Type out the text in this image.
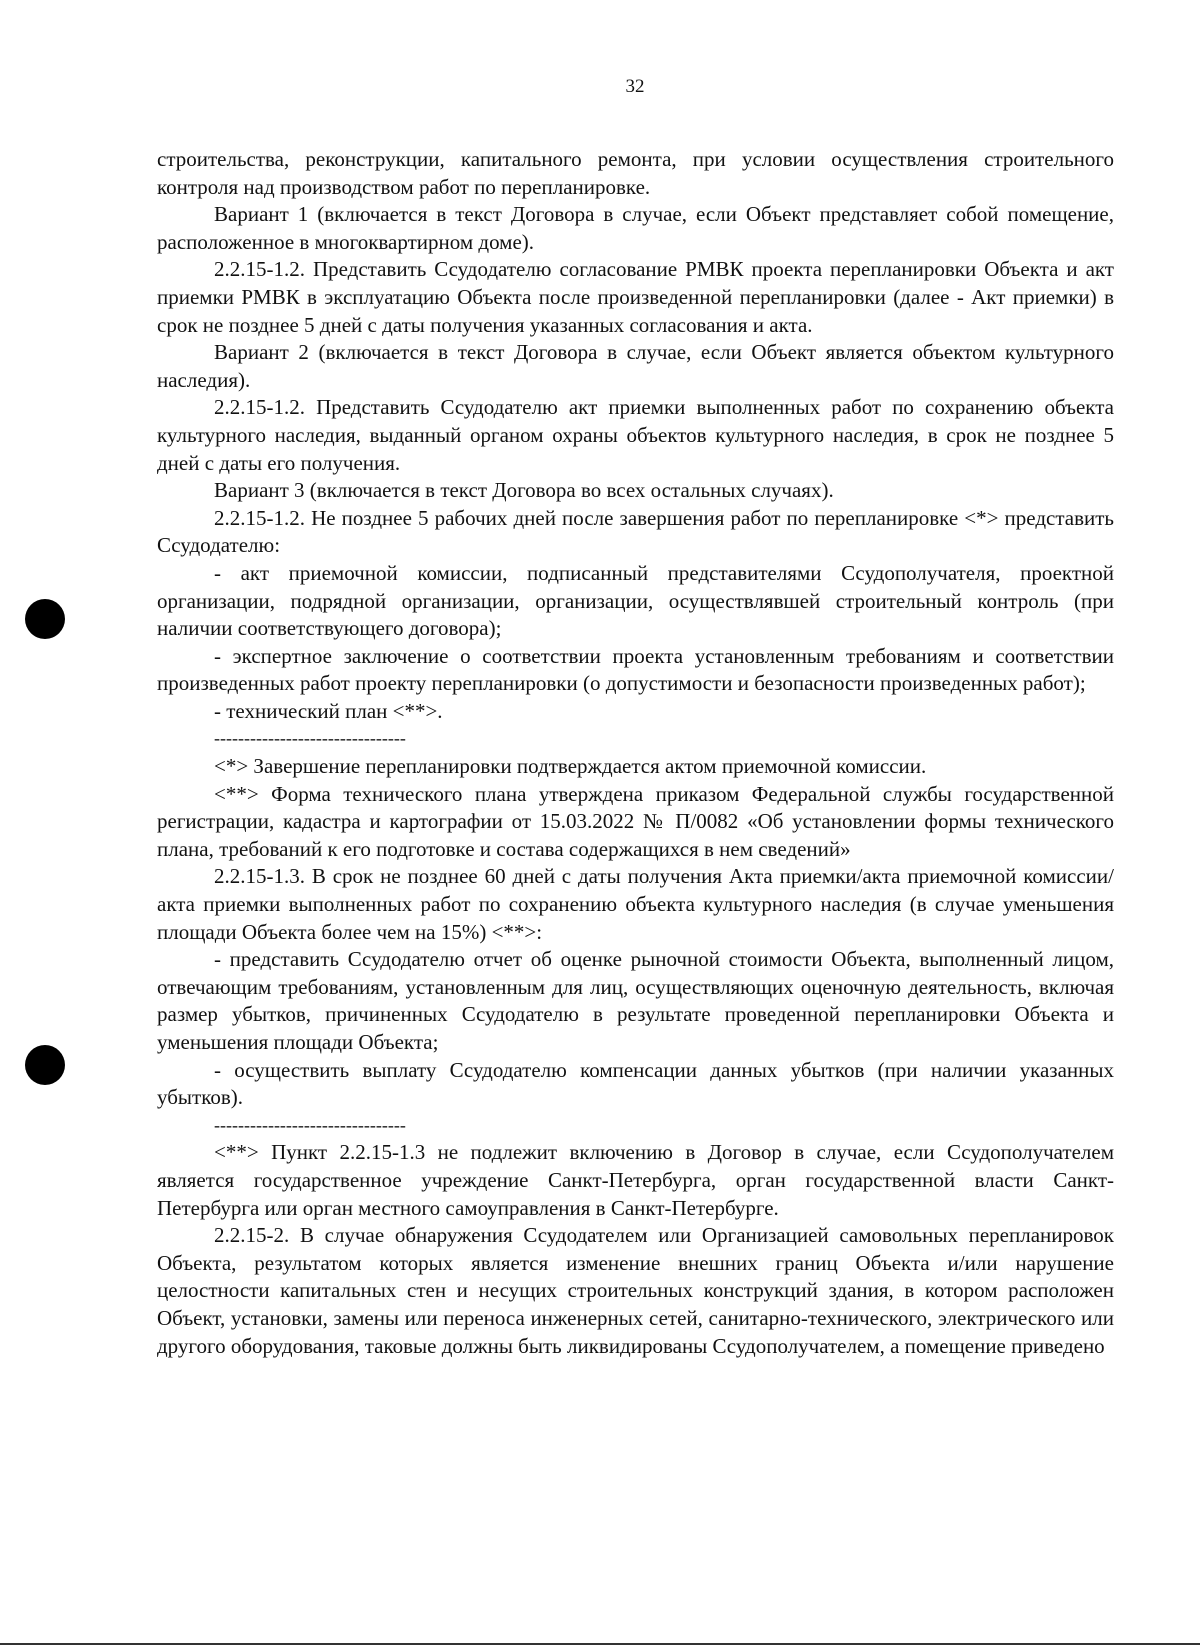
32

строительства, реконструкции, капитального ремонта, при условии осуществления строительного контроля над производством работ по перепланировке.

Вариант 1 (включается в текст Договора в случае, если Объект представляет собой помещение, расположенное в многоквартирном доме).

2.2.15-1.2. Представить Ссудодателю согласование РМВК проекта перепланировки Объекта и акт приемки РМВК в эксплуатацию Объекта после произведенной перепланировки (далее - Акт приемки) в срок не позднее 5 дней с даты получения указанных согласования и акта.

Вариант 2 (включается в текст Договора в случае, если Объект является объектом культурного наследия).

2.2.15-1.2. Представить Ссудодателю акт приемки выполненных работ по сохранению объекта культурного наследия, выданный органом охраны объектов культурного наследия, в срок не позднее 5 дней с даты его получения.

Вариант 3 (включается в текст Договора во всех остальных случаях).

2.2.15-1.2. Не позднее 5 рабочих дней после завершения работ по перепланировке <*> представить Ссудодателю:

- акт приемочной комиссии, подписанный представителями Ссудополучателя, проектной организации, подрядной организации, организации, осуществлявшей строительный контроль (при наличии соответствующего договора);

- экспертное заключение о соответствии проекта установленным требованиям и соответствии произведенных работ проекту перепланировки (о допустимости и безопасности произведенных работ);

- технический план <**>.

--------------------------------

<*> Завершение перепланировки подтверждается актом приемочной комиссии.

<**> Форма технического плана утверждена приказом Федеральной службы государственной регистрации, кадастра и картографии от 15.03.2022 № П/0082 «Об установлении формы технического плана, требований к его подготовке и состава содержащихся в нем сведений»

2.2.15-1.3. В срок не позднее 60 дней с даты получения Акта приемки/акта приемочной комиссии/акта приемки выполненных работ по сохранению объекта культурного наследия (в случае уменьшения площади Объекта более чем на 15%) <**>:

- представить Ссудодателю отчет об оценке рыночной стоимости Объекта, выполненный лицом, отвечающим требованиям, установленным для лиц, осуществляющих оценочную деятельность, включая размер убытков, причиненных Ссудодателю в результате проведенной перепланировки Объекта и уменьшения площади Объекта;

- осуществить выплату Ссудодателю компенсации данных убытков (при наличии указанных убытков).

--------------------------------

<**> Пункт 2.2.15-1.3 не подлежит включению в Договор в случае, если Ссудополучателем является государственное учреждение Санкт-Петербурга, орган государственной власти Санкт-Петербурга или орган местного самоуправления в Санкт-Петербурге.

2.2.15-2. В случае обнаружения Ссудодателем или Организацией самовольных перепланировок Объекта, результатом которых является изменение внешних границ Объекта и/или нарушение целостности капитальных стен и несущих строительных конструкций здания, в котором расположен Объект, установки, замены или переноса инженерных сетей, санитарно-технического, электрического или другого оборудования, таковые должны быть ликвидированы Ссудополучателем, а помещение приведено
